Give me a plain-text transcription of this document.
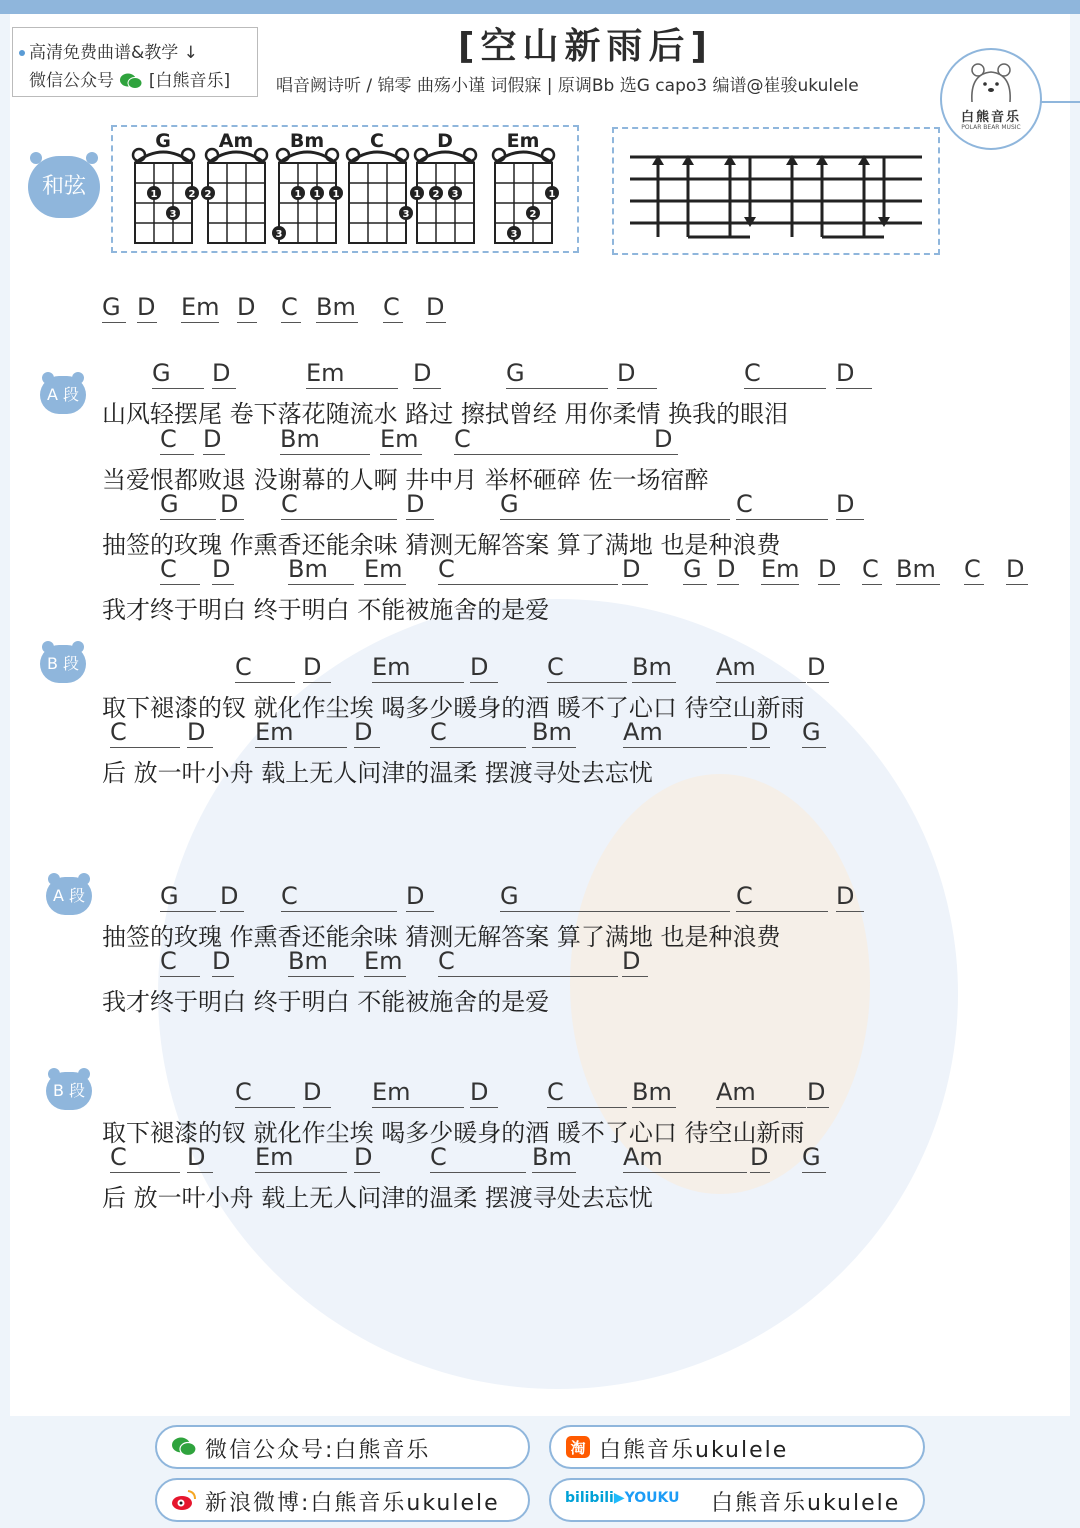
高清免费曲谱&教学 ↓
微信公众号 [白熊音乐]
[空山新雨后]
唱音阙诗听 / 锦零 曲殇小谨 词假寐 | 原调Bb 选G capo3 编谱@崔骏ukulele
白熊音乐
POLAR BEAR MUSIC
和弦
G
1	2
3
Am
2
Bm
1 1 1
3
C
3
D
1 2 3
Em
1
2
3
G D Em D C Bm C D
A 段
B 段
A 段
B 段
G	D	Em	D	G	D	C	D
山风轻摆尾 卷下落花随流水 路过 擦拭曾经 用你柔情 换我的眼泪
C	D Bm	Em C	D
当爱恨都败退 没谢幕的人啊 井中月 举杯砸碎 佐一场宿醉
G	D C	D	G	C	D
抽签的玫瑰 作熏香还能余味 猜测无解答案 算了满地 也是种浪费
C	D Bm	Em C	D	G D Em D C Bm C D
我才终于明白 终于明白 不能被施舍的是爱
C	D	Em	D	C	Bm Am	D
取下褪漆的钗 就化作尘埃 喝多少暖身的酒 暖不了心口 待空山新雨
C	D	Em	D	C	Bm Am	D G
后 放一叶小舟 载上无人问津的温柔 摆渡寻处去忘忧
G	D C	D	G	C	D
抽签的玫瑰 作熏香还能余味 猜测无解答案 算了满地 也是种浪费
C	D Bm	Em C	D
我才终于明白 终于明白 不能被施舍的是爱
C	D	Em	D	C	Bm Am	D
取下褪漆的钗 就化作尘埃 喝多少暖身的酒 暖不了心口 待空山新雨
C	D	Em	D	C	Bm Am	D G
后 放一叶小舟 载上无人问津的温柔 摆渡寻处去忘忧
微信公众号:白熊音乐	淘 白熊音乐ukulele
新浪微博:白熊音乐ukulele	bilibili▶YOUKU 白熊音乐ukulele
